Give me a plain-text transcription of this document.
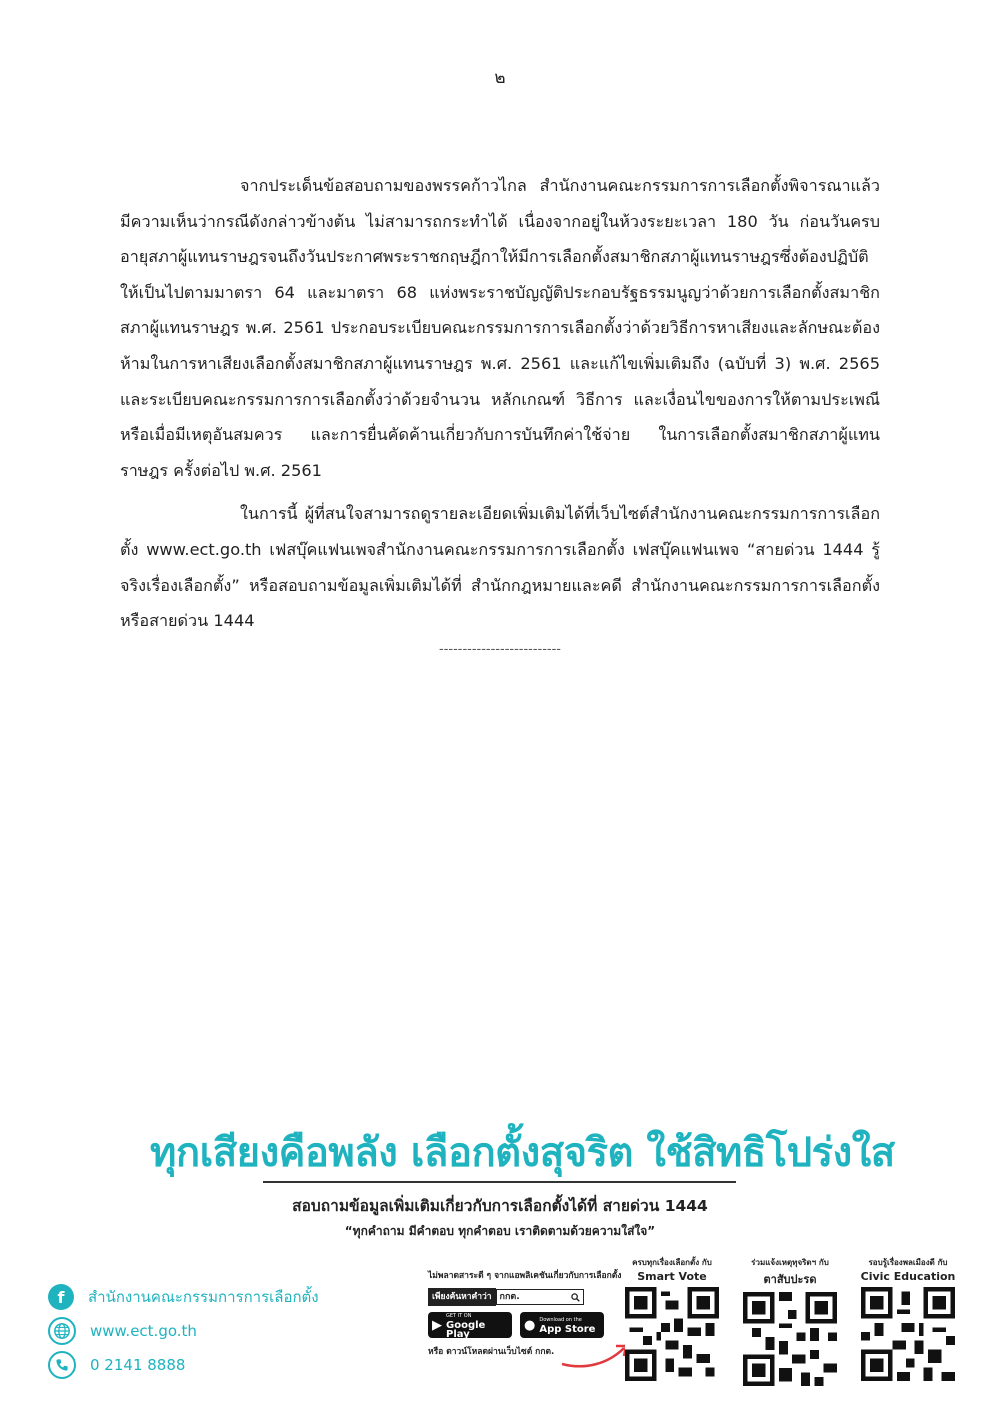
๒

จากประเด็นข้อสอบถามของพรรคก้าวไกล สำนักงานคณะกรรมการการเลือกตั้งพิจารณาแล้วมีความเห็นว่ากรณีดังกล่าวข้างต้น ไม่สามารถกระทำได้ เนื่องจากอยู่ในห้วงระยะเวลา 180 วัน ก่อนวันครบอายุสภาผู้แทนราษฎรจนถึงวันประกาศพระราชกฤษฎีกาให้มีการเลือกตั้งสมาชิกสภาผู้แทนราษฎรซึ่งต้องปฏิบัติให้เป็นไปตามมาตรา 64 และมาตรา 68 แห่งพระราชบัญญัติประกอบรัฐธรรมนูญว่าด้วยการเลือกตั้งสมาชิกสภาผู้แทนราษฎร พ.ศ. 2561 ประกอบระเบียบคณะกรรมการการเลือกตั้งว่าด้วยวิธีการหาเสียงและลักษณะต้องห้ามในการหาเสียงเลือกตั้งสมาชิกสภาผู้แทนราษฎร พ.ศ. 2561 และแก้ไขเพิ่มเติมถึง (ฉบับที่ 3) พ.ศ. 2565 และระเบียบคณะกรรมการการเลือกตั้งว่าด้วยจำนวน หลักเกณฑ์ วิธีการ และเงื่อนไขของการให้ตามประเพณี หรือเมื่อมีเหตุอันสมควร และการยื่นคัดค้านเกี่ยวกับการบันทึกค่าใช้จ่าย ในการเลือกตั้งสมาชิกสภาผู้แทนราษฎร ครั้งต่อไป พ.ศ. 2561

ในการนี้ ผู้ที่สนใจสามารถดูรายละเอียดเพิ่มเติมได้ที่เว็บไซต์สำนักงานคณะกรรมการการเลือกตั้ง www.ect.go.th เฟสบุ๊คแฟนเพจสำนักงานคณะกรรมการการเลือกตั้ง เฟสบุ๊คแฟนเพจ “สายด่วน 1444 รู้จริงเรื่องเลือกตั้ง” หรือสอบถามข้อมูลเพิ่มเติมได้ที่ สำนักกฎหมายและคดี สำนักงานคณะกรรมการการเลือกตั้ง หรือสายด่วน 1444

--------------------------
ทุกเสียงคือพลัง เลือกตั้งสุจริต ใช้สิทธิโปร่งใส
สอบถามข้อมูลเพิ่มเติมเกี่ยวกับการเลือกตั้งได้ที่ สายด่วน 1444
“ทุกคำถาม มีคำตอบ ทุกคำตอบ เราติดตามด้วยความใส่ใจ”
f	สำนักงานคณะกรรมการการเลือกตั้ง
www.ect.go.th
0 2141 8888
ไม่พลาดสาระดี ๆ จากแอพลิเคชันเกี่ยวกับการเลือกตั้ง
เพียงค้นหาคำว่า กกต.
▶
GET IT ON
Google Play
● Download on the
App Store
หรือ ดาวน์โหลดผ่านเว็บไซต์ กกต.
ครบทุกเรื่องเลือกตั้ง กับ
Smart Vote
ร่วมแจ้งเหตุทุจริตฯ กับ
ตาสับปะรด
รอบรู้เรื่องพลเมืองดี กับ
Civic Education
